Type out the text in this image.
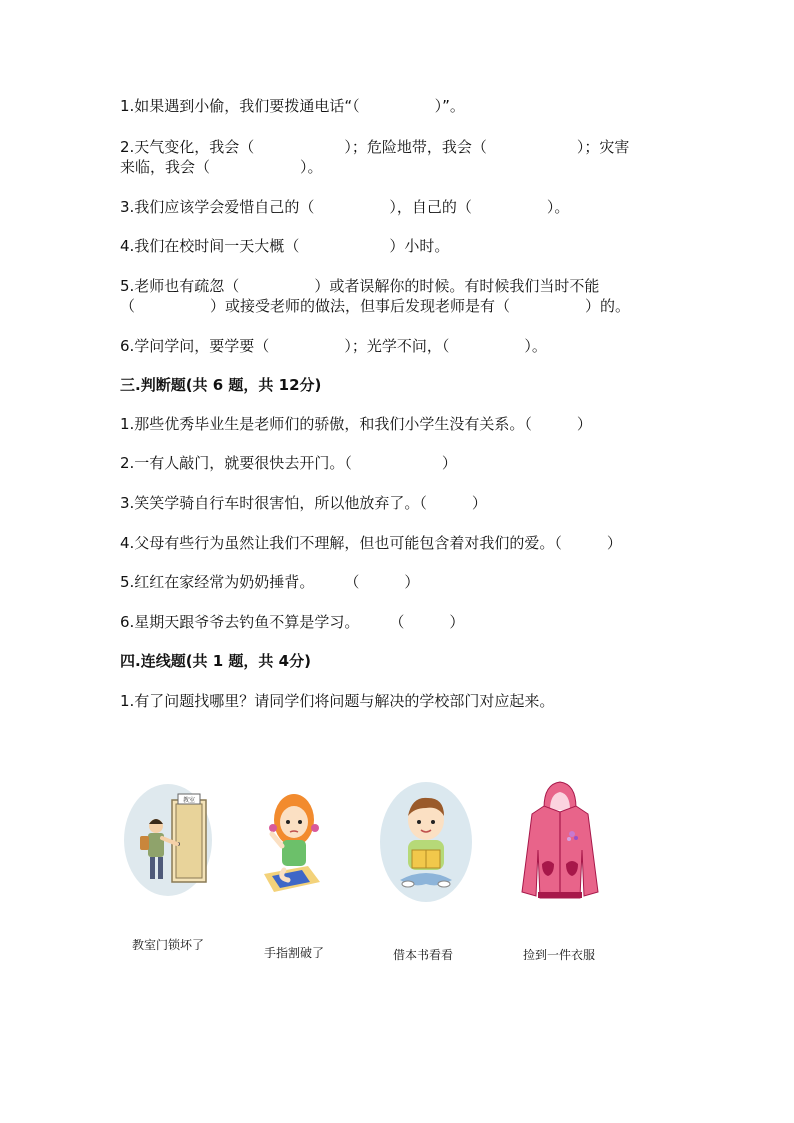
1.如果遇到小偷，我们要拨通电话“（　　　　　）”。
2.天气变化，我会（　　　　　　）；危险地带，我会（　　　　　　）；灾害
来临，我会（　　　　　　）。
3.我们应该学会爱惜自己的（　　　　　），自己的（　　　　　）。
4.我们在校时间一天大概（　　　　　　）小时。
5.老师也有疏忽（　　　　　）或者误解你的时候。有时候我们当时不能
（　　　　　）或接受老师的做法，但事后发现老师是有（　　　　　）的。
6.学问学问，要学要（　　　　　）；光学不问，（　　　　　）。
三.判断题(共 6 题，共 12分)
1.那些优秀毕业生是老师们的骄傲，和我们小学生没有关系。（　　　）
2.一有人敲门，就要很快去开门。（　　　　　　）
3.笑笑学骑自行车时很害怕，所以他放弃了。（　　　）
4.父母有些行为虽然让我们不理解，但也可能包含着对我们的爱。（　　　）
5.红红在家经常为奶奶捶背。　　　（　　　）
6.星期天跟爷爷去钓鱼不算是学习。　　　（　　　）
四.连线题(共 1 题，共 4分)
1.有了问题找哪里？请同学们将问题与解决的学校部门对应起来。
教室
教室门锁坏了
手指割破了	借本书看看	捡到一件衣服
